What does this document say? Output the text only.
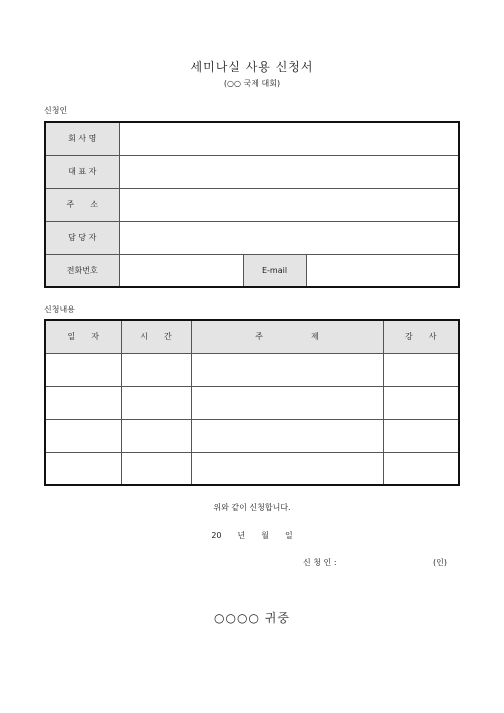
세미나실 사용 신청서
(○○ 국제 대회)
신청인
회 사 명			
대 표 자			
주　　소			
담 당 자			
전화번호		E-mail	
신청내용
일　　자	시　　간	주　　　　　　제	강　　사

위와 같이 신청합니다.
20　　년　　월　　일
신 청 인 :	(인)
○○○○ 귀중
